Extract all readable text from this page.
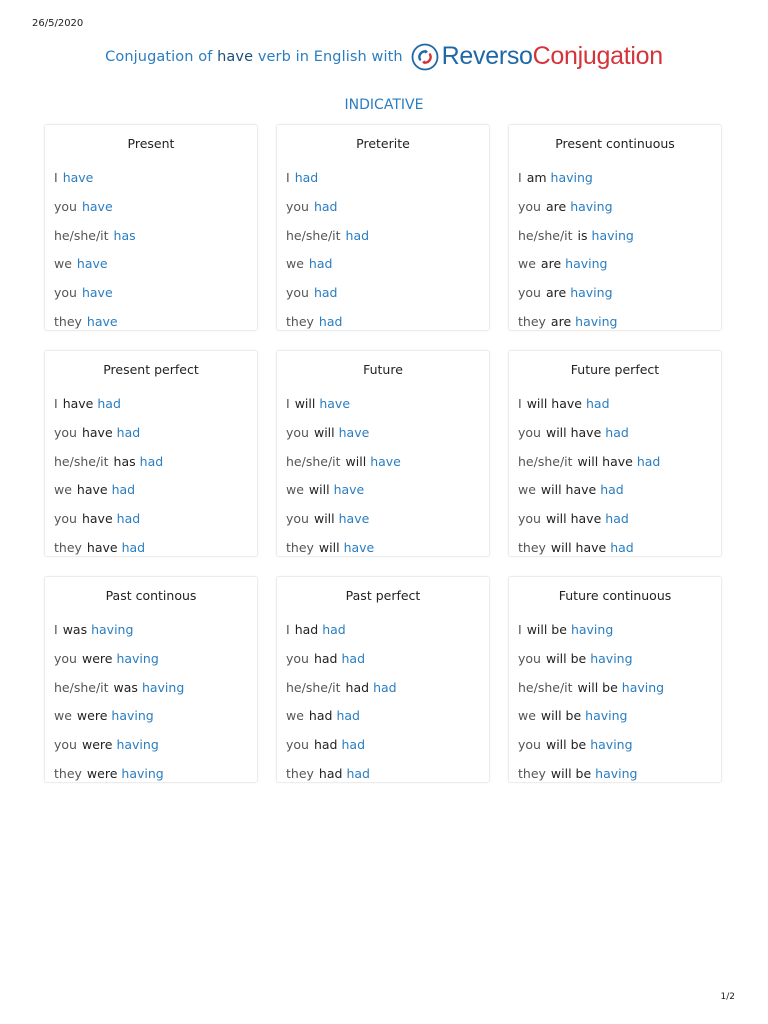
26/5/2020
Conjugation of have verb in English with Reverso Conjugation
INDICATIVE
Present
I have
you have
he/she/it has
we have
you have
they have
Preterite
I had
you had
he/she/it had
we had
you had
they had
Present continuous
I am having
you are having
he/she/it is having
we are having
you are having
they are having
Present perfect
I have had
you have had
he/she/it has had
we have had
you have had
they have had
Future
I will have
you will have
he/she/it will have
we will have
you will have
they will have
Future perfect
I will have had
you will have had
he/she/it will have had
we will have had
you will have had
they will have had
Past continous
I was having
you were having
he/she/it was having
we were having
you were having
they were having
Past perfect
I had had
you had had
he/she/it had had
we had had
you had had
they had had
Future continuous
I will be having
you will be having
he/she/it will be having
we will be having
you will be having
they will be having
1/2
